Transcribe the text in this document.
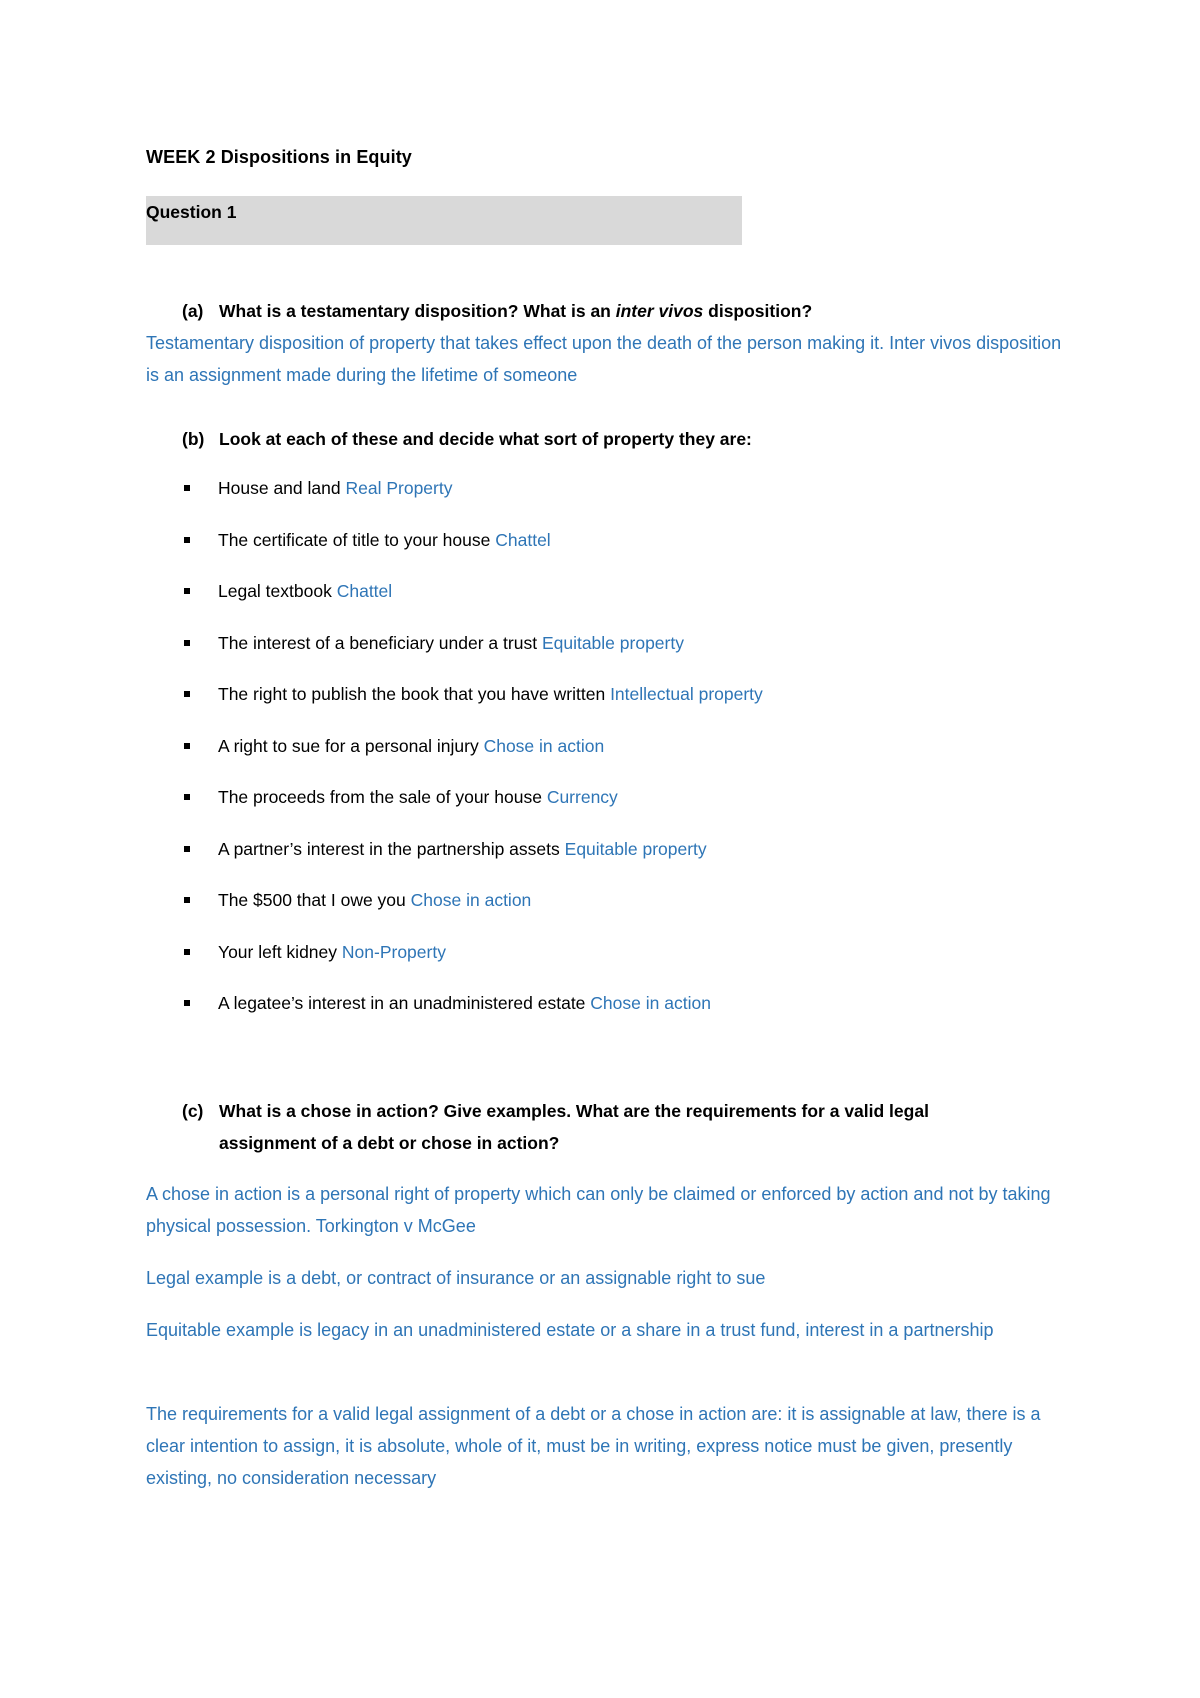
WEEK 2 Dispositions in Equity
Question 1
(a) What is a testamentary disposition? What is an inter vivos disposition?

Testamentary disposition of property that takes effect upon the death of the person making it. Inter vivos disposition is an assignment made during the lifetime of someone

(b) Look at each of these and decide what sort of property they are:
House and land Real Property
The certificate of title to your house Chattel
Legal textbook Chattel
The interest of a beneficiary under a trust Equitable property
The right to publish the book that you have written Intellectual property
A right to sue for a personal injury Chose in action
The proceeds from the sale of your house Currency
A partner’s interest in the partnership assets Equitable property
The $500 that I owe you Chose in action
Your left kidney Non-Property
A legatee’s interest in an unadministered estate Chose in action
(c) What is a chose in action? Give examples. What are the requirements for a valid legal assignment of a debt or chose in action?

A chose in action is a personal right of property which can only be claimed or enforced by action and not by taking physical possession. Torkington v McGee

Legal example is a debt, or contract of insurance or an assignable right to sue

Equitable example is legacy in an unadministered estate or a share in a trust fund, interest in a partnership

The requirements for a valid legal assignment of a debt or a chose in action are: it is assignable at law, there is a clear intention to assign, it is absolute, whole of it, must be in writing, express notice must be given, presently existing, no consideration necessary
